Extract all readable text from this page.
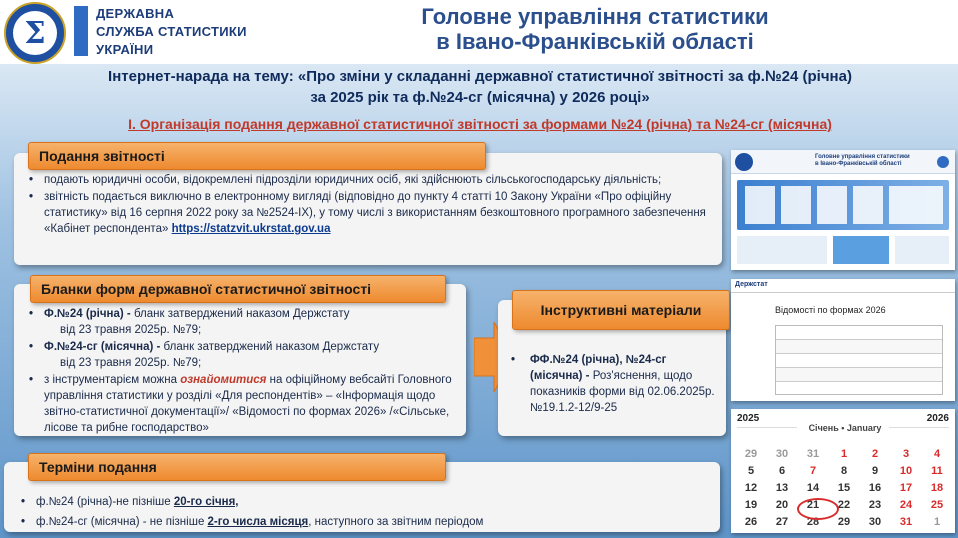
Σ
ДЕРЖАВНА
СЛУЖБА СТАТИСТИКИ
УКРАЇНИ
Головне управління статистики
в Івано-Франківській області
Інтернет-нарада на тему: «Про зміни у складанні державної статистичної звітності за ф.№24 (річна)
за 2025 рік та ф.№24-сг (місячна) у 2026 році»
І. Організація подання державної статистичної звітності за формами №24 (річна) та №24-сг (місячна)
Подання звітності
• подають юридичні особи, відокремлені підрозділи юридичних осіб, які здійснюють сільськогосподарську діяльність;
• звітність подається виключно в електронному вигляді (відповідно до пункту 4 статті 10 Закону України «Про офіційну статистику» від 16 серпня 2022 року за №2524-IX), у тому числі з використанням безкоштовного програмного забезпечення «Кабінет респондента» https://statzvit.ukrstat.gov.ua
Бланки форм державної статистичної звітності
• Ф.№24 (річна) - бланк затверджений наказом Держстату
від 23 травня 2025р. №79;
• Ф.№24-сг (місячна) - бланк затверджений наказом Держстату
від 23 травня 2025р. №79;
• з інструментарієм можна ознайомитися на офіційному вебсайті Головного управління статистики у розділі «Для респондентів» – «Інформація щодо звітно-статистичної документації»/ «Відомості по формах 2026» /«Сільське, лісове та рибне господарство»
Інструктивні матеріали
• ФФ.№24 (річна), №24-сг (місячна) - Роз'яснення, щодо показників форми від 02.06.2025р. №19.1.2-12/9-25
Терміни подання
• ф.№24 (річна)-не пізніше 20-го січня,
• ф.№24-сг (місячна) - не пізніше 2-го числа місяця, наступного за звітним періодом
Головне управління статистики
в Івано-Франківській області
Держстат
Відомості по формах 2026
2025	2026
Січень • January
29	30	31	1	2	3	4
5	6	7	8	9	10	11
12	13	14	15	16	17	18
19	20	21	22	23	24	25
26	27	28	29	30	31	1
